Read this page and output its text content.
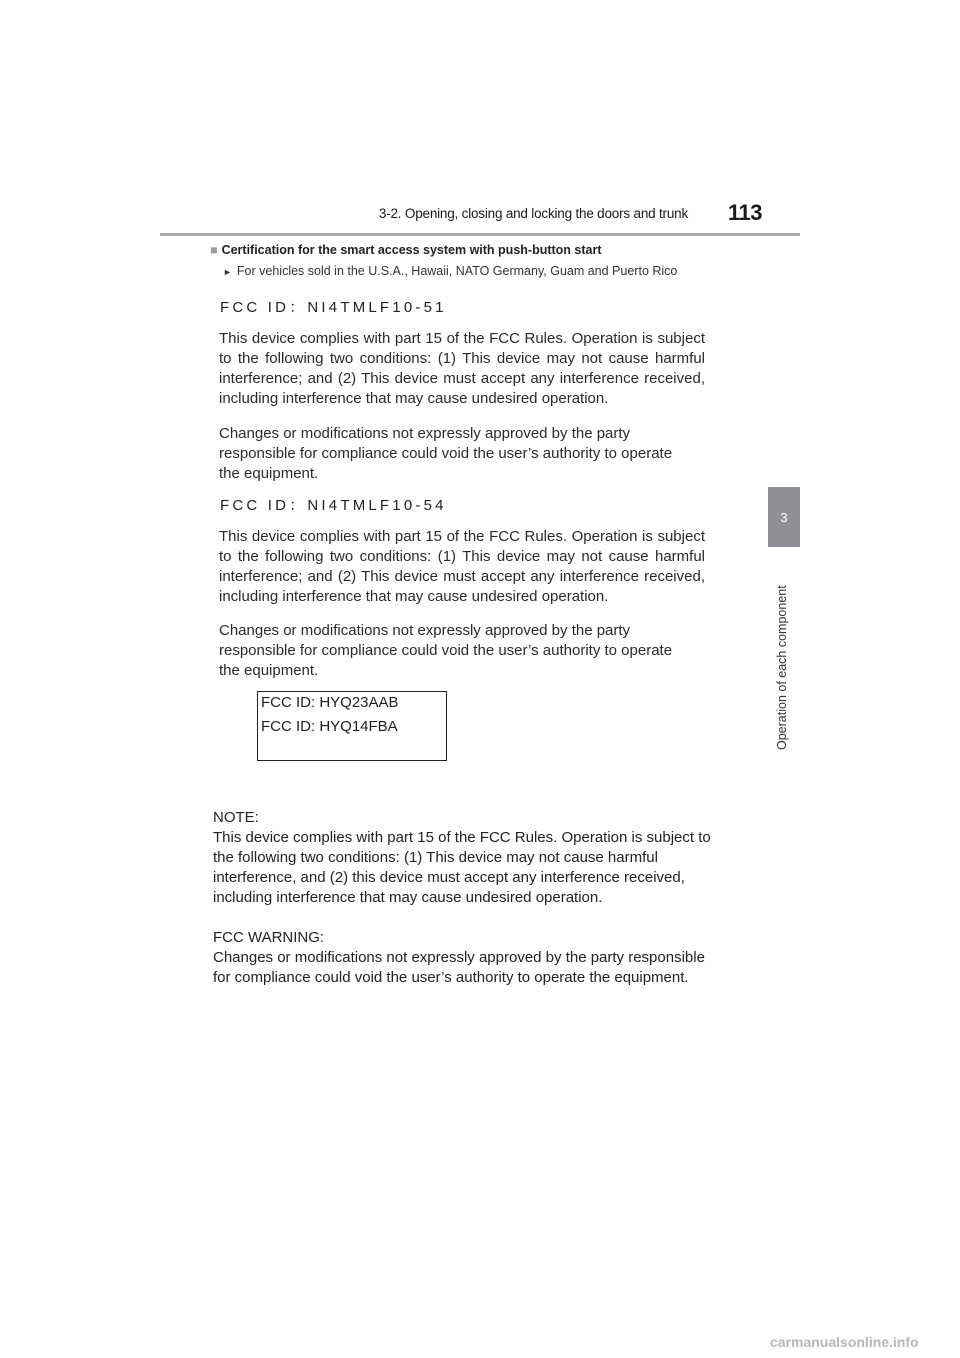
3-2. Opening, closing and locking the doors and trunk 113
3
Operation of each component
■ Certification for the smart access system with push-button start
► For vehicles sold in the U.S.A., Hawaii, NATO Germany, Guam and Puerto Rico
FCC ID：NI4TMLF10-51
This device complies with part 15 of the FCC Rules. Operation is subject to the following two conditions: (1) This device may not cause harmful interference; and (2) This device must accept any interference received, including interference that may cause undesired operation.
Changes or modifications not expressly approved by the party responsible for compliance could void the user’s authority to operate the equipment.
FCC ID：NI4TMLF10-54
This device complies with part 15 of the FCC Rules. Operation is subject to the following two conditions: (1) This device may not cause harmful interference; and (2) This device must accept any interference received, including interference that may cause undesired operation.
Changes or modifications not expressly approved by the party responsible for compliance could void the user’s authority to operate the equipment.
FCC ID: HYQ23AAB
FCC ID: HYQ14FBA
NOTE:
This device complies with part 15 of the FCC Rules. Operation is subject to the following two conditions: (1) This device may not cause harmful interference, and (2) this device must accept any interference received, including interference that may cause undesired operation.
FCC WARNING:
Changes or modifications not expressly approved by the party responsible for compliance could void the user’s authority to operate the equipment.
carmanualsonline.info
